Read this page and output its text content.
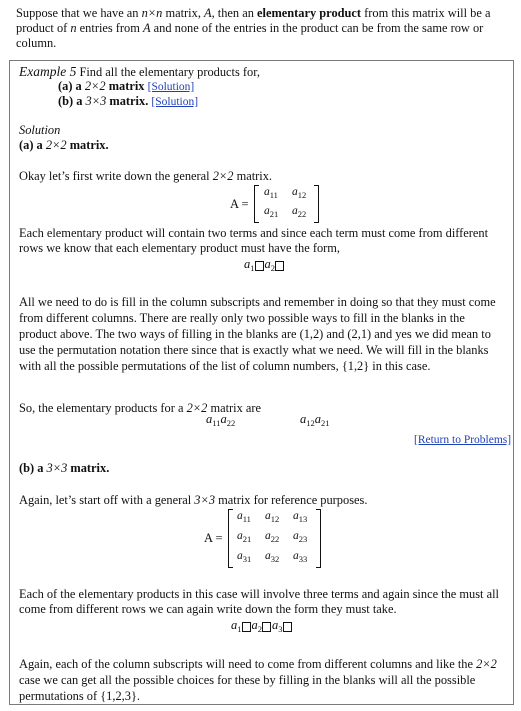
Suppose that we have an n×n matrix, A, then an elementary product from this matrix will be a product of n entries from A and none of the entries in the product can be from the same row or column.
Example 5 Find all the elementary products for,
(a) a 2×2 matrix [Solution]
(b) a 3×3 matrix. [Solution]
Solution
(a) a 2×2 matrix.
Okay let’s first write down the general 2×2 matrix.
A =
$a_{11}$ $a_{12}$
$a_{21}$ $a_{22}$
Each elementary product will contain two terms and since each term must come from different rows we know that each elementary product must have the form,
$a_1$ $a_2$
All we need to do is fill in the column subscripts and remember in doing so that they must come from different columns. There are really only two possible ways to fill in the blanks in the product above. The two ways of filling in the blanks are (1,2) and (2,1) and yes we did mean to use the permutation notation there since that is exactly what we need. We will fill in the blanks with all the possible permutations of the list of column numbers, {1,2} in this case.
So, the elementary products for a 2×2 matrix are
$a_{11}a_{22}$	$a_{12}a_{21}$
[Return to Problems]
(b) a 3×3 matrix.
Again, let’s start off with a general 3×3 matrix for reference purposes.
A =
$a_{11}$ $a_{12}$ $a_{13}$
$a_{21}$ $a_{22}$ $a_{23}$
$a_{31}$ $a_{32}$ $a_{33}$
Each of the elementary products in this case will involve three terms and again since the must all come from different rows we can again write down the form they must take.
$a_1$ $a_2$ $a_3$
Again, each of the column subscripts will need to come from different columns and like the 2×2 case we can get all the possible choices for these by filling in the blanks will all the possible permutations of {1,2,3}.
